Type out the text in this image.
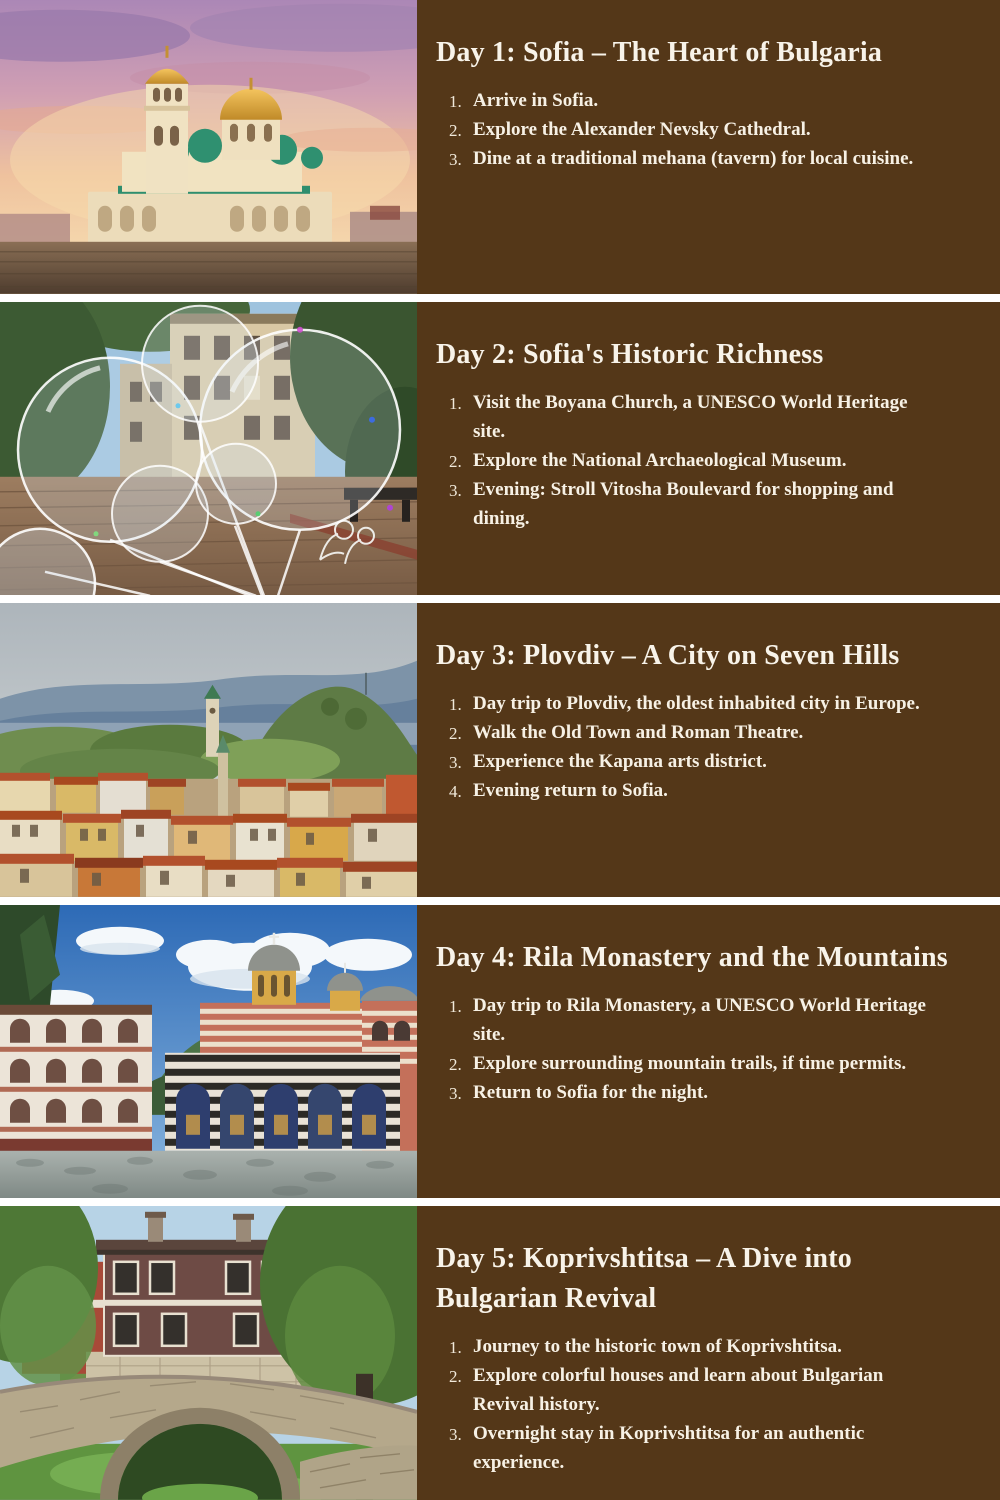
Day 1: Sofia – The Heart of Bulgaria
Arrive in Sofia.
Explore the Alexander Nevsky Cathedral.
Dine at a traditional mehana (tavern) for local cuisine.
Day 2: Sofia's Historic Richness
Visit the Boyana Church, a UNESCO World Heritage site.
Explore the National Archaeological Museum.
Evening: Stroll Vitosha Boulevard for shopping and dining.
Day 3: Plovdiv – A City on Seven Hills
Day trip to Plovdiv, the oldest inhabited city in Europe.
Walk the Old Town and Roman Theatre.
Experience the Kapana arts district.
Evening return to Sofia.
Day 4: Rila Monastery and the Mountains
Day trip to Rila Monastery, a UNESCO World Heritage site.
Explore surrounding mountain trails, if time permits.
Return to Sofia for the night.
Day 5: Koprivshtitsa – A Dive into Bulgarian Revival
Journey to the historic town of Koprivshtitsa.
Explore colorful houses and learn about Bulgarian Revival history.
Overnight stay in Koprivshtitsa for an authentic experience.
